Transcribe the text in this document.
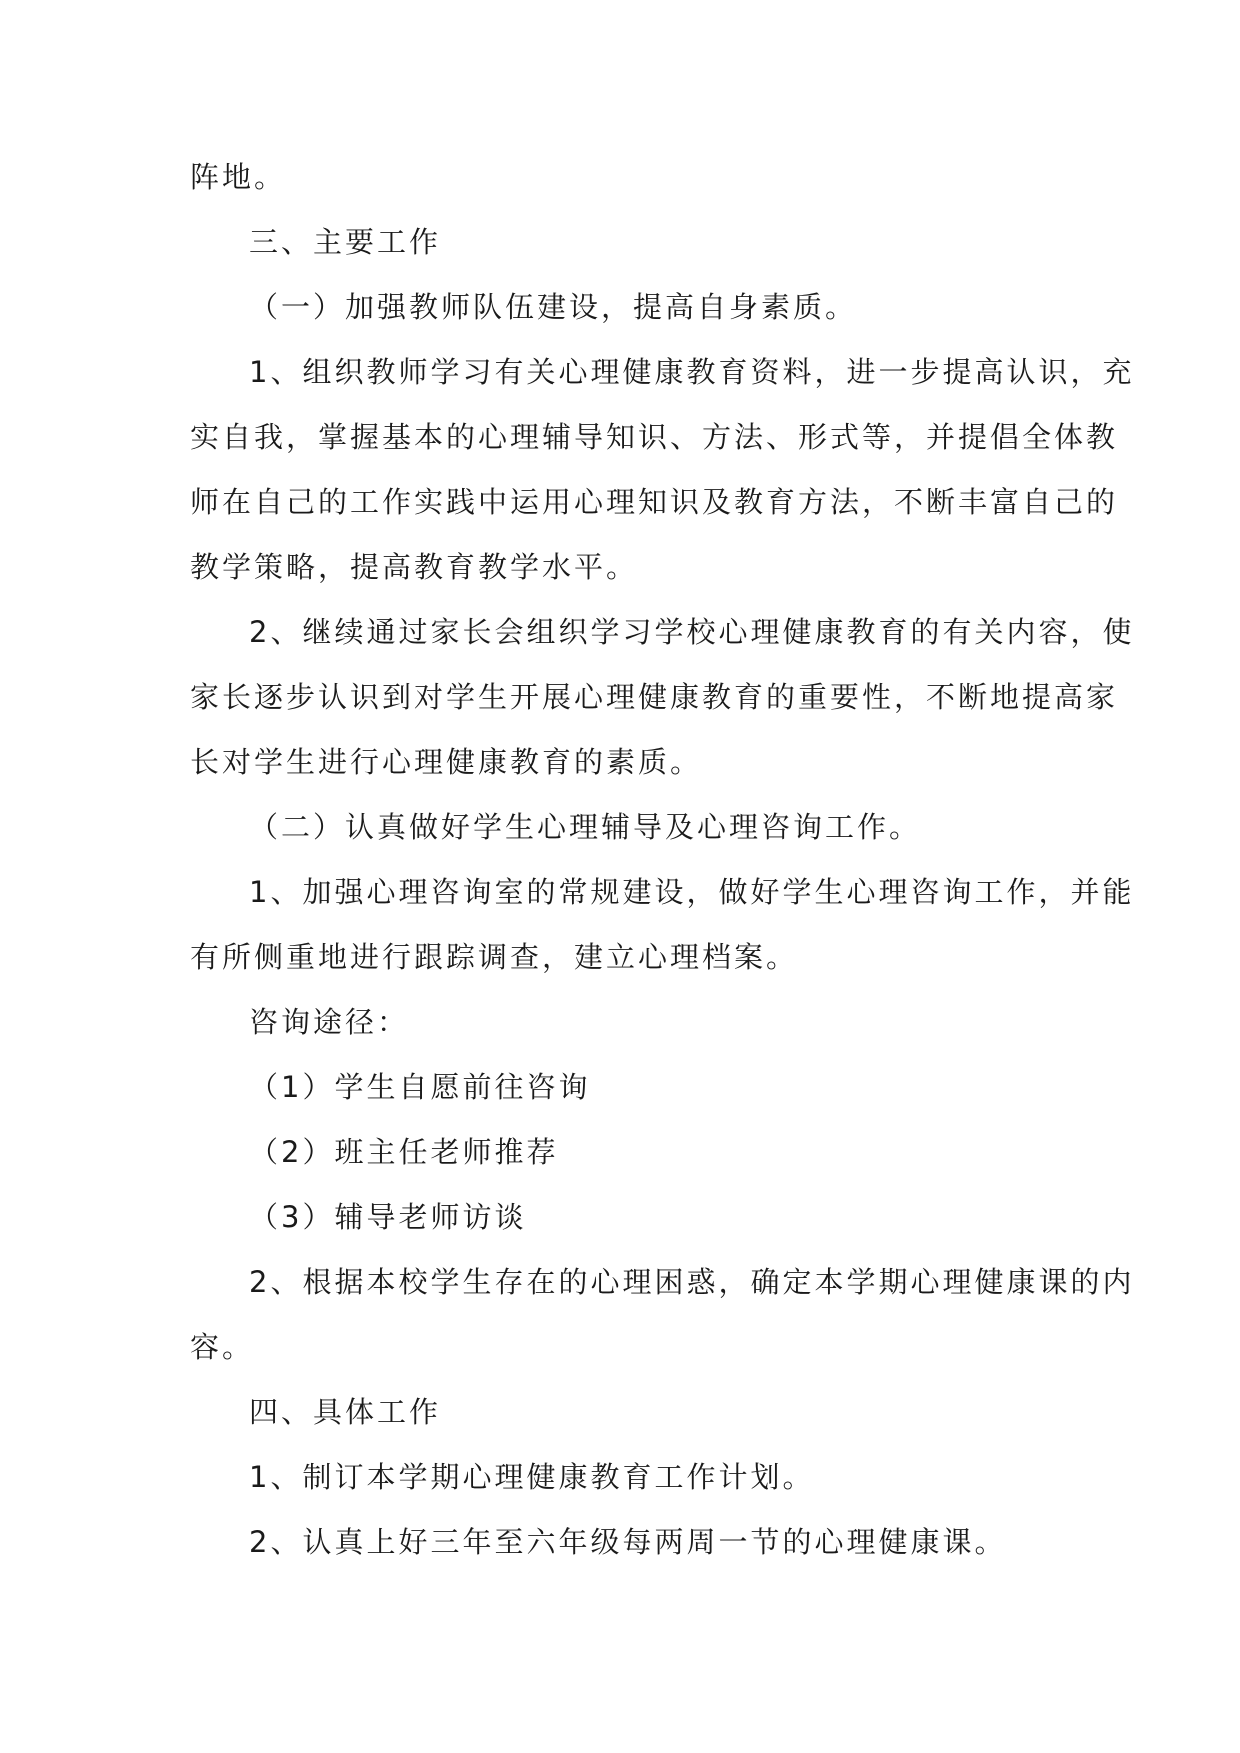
阵地。
三、主要工作
（一）加强教师队伍建设，提高自身素质。
1、组织教师学习有关心理健康教育资料，进一步提高认识，充
实自我，掌握基本的心理辅导知识、方法、形式等，并提倡全体教
师在自己的工作实践中运用心理知识及教育方法，不断丰富自己的
教学策略，提高教育教学水平。
2、继续通过家长会组织学习学校心理健康教育的有关内容，使
家长逐步认识到对学生开展心理健康教育的重要性，不断地提高家
长对学生进行心理健康教育的素质。
（二）认真做好学生心理辅导及心理咨询工作。
1、加强心理咨询室的常规建设，做好学生心理咨询工作，并能
有所侧重地进行跟踪调查，建立心理档案。
咨询途径：
（1）学生自愿前往咨询
（2）班主任老师推荐
（3）辅导老师访谈
2、根据本校学生存在的心理困惑，确定本学期心理健康课的内
容。
四、具体工作
1、制订本学期心理健康教育工作计划。
2、认真上好三年至六年级每两周一节的心理健康课。
